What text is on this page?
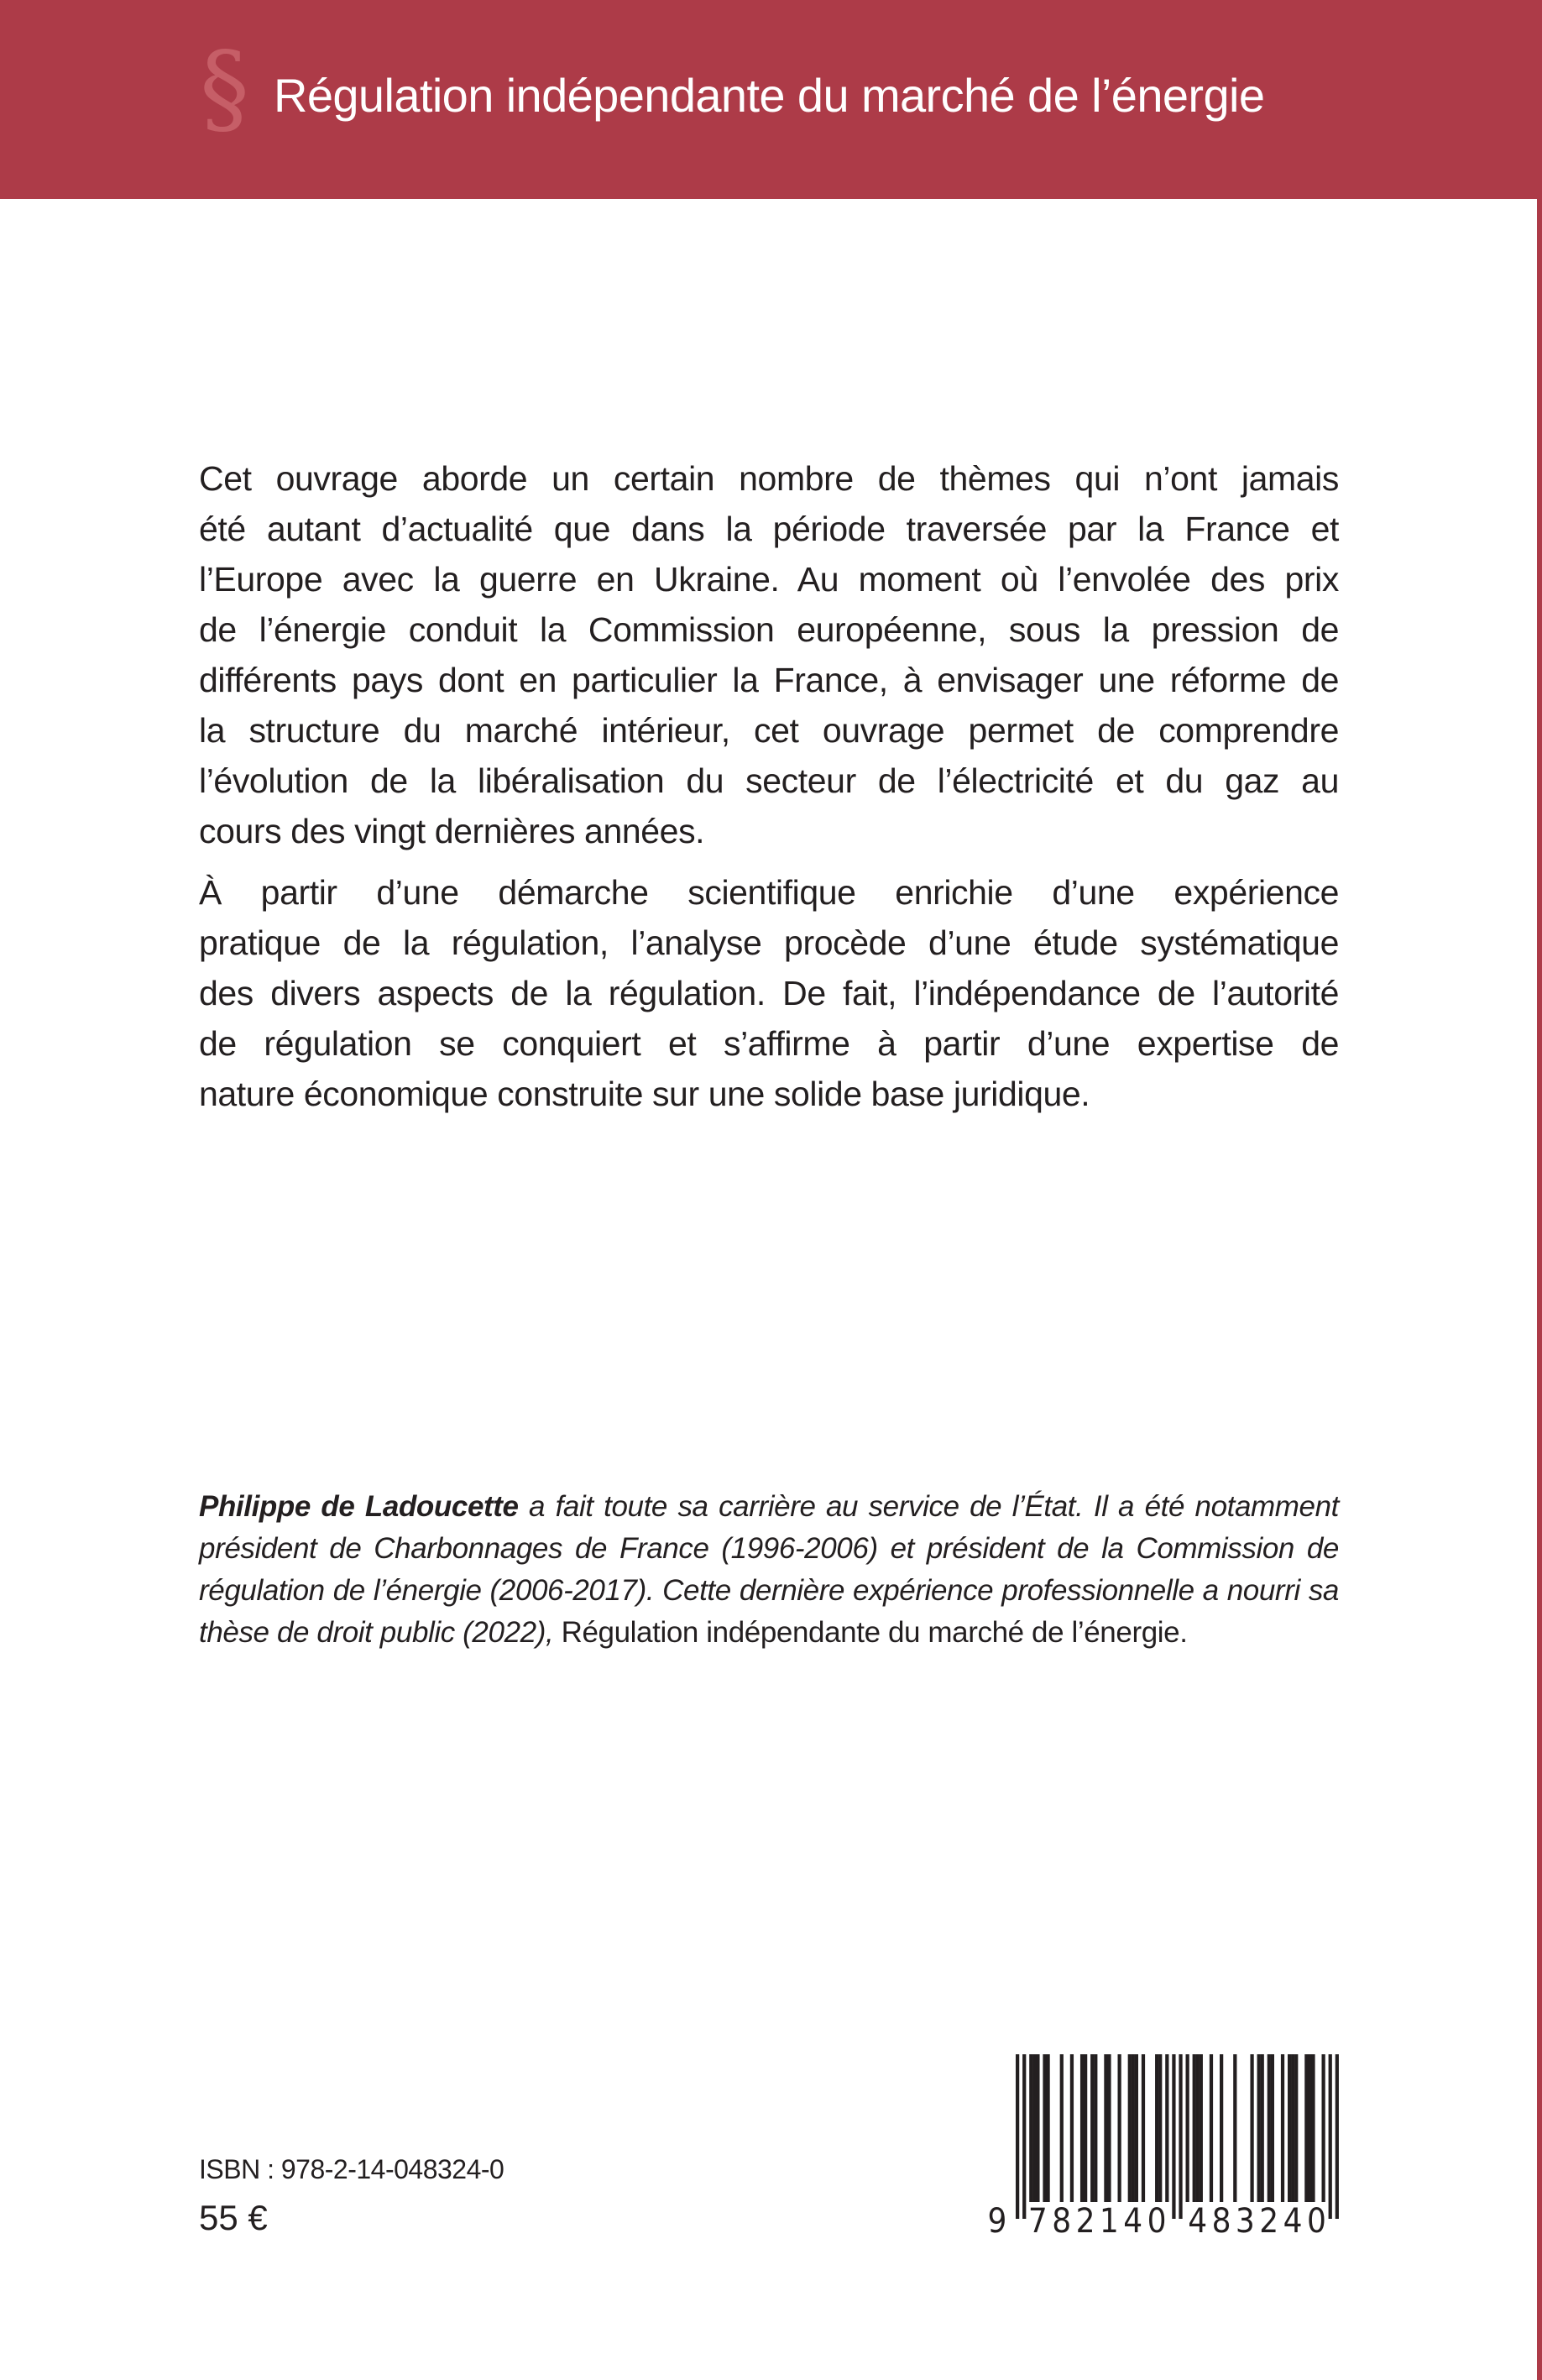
§ Régulation indépendante du marché de l’énergie
Cet ouvrage aborde un certain nombre de thèmes qui n’ont jamais
été autant d’actualité que dans la période traversée par la France et
l’Europe avec la guerre en Ukraine. Au moment où l’envolée des prix
de l’énergie conduit la Commission européenne, sous la pression de
différents pays dont en particulier la France, à envisager une réforme de
la structure du marché intérieur, cet ouvrage permet de comprendre
l’évolution de la libéralisation du secteur de l’électricité et du gaz au
cours des vingt dernières années.
À partir d’une démarche scientifique enrichie d’une expérience
pratique de la régulation, l’analyse procède d’une étude systématique
des divers aspects de la régulation. De fait, l’indépendance de l’autorité
de régulation se conquiert et s’affirme à partir d’une expertise de
nature économique construite sur une solide base juridique.
Philippe de Ladoucette a fait toute sa carrière au service de l’État. Il a été notamment
président de Charbonnages de France (1996-2006) et président de la Commission de
régulation de l’énergie (2006-2017). Cette dernière expérience professionnelle a nourri sa
thèse de droit public (2022), Régulation indépendante du marché de l’énergie.
ISBN : 978-2-14-048324-0
55 €	9 7 8 2 1 4 0 4 8 3 2 4 0
